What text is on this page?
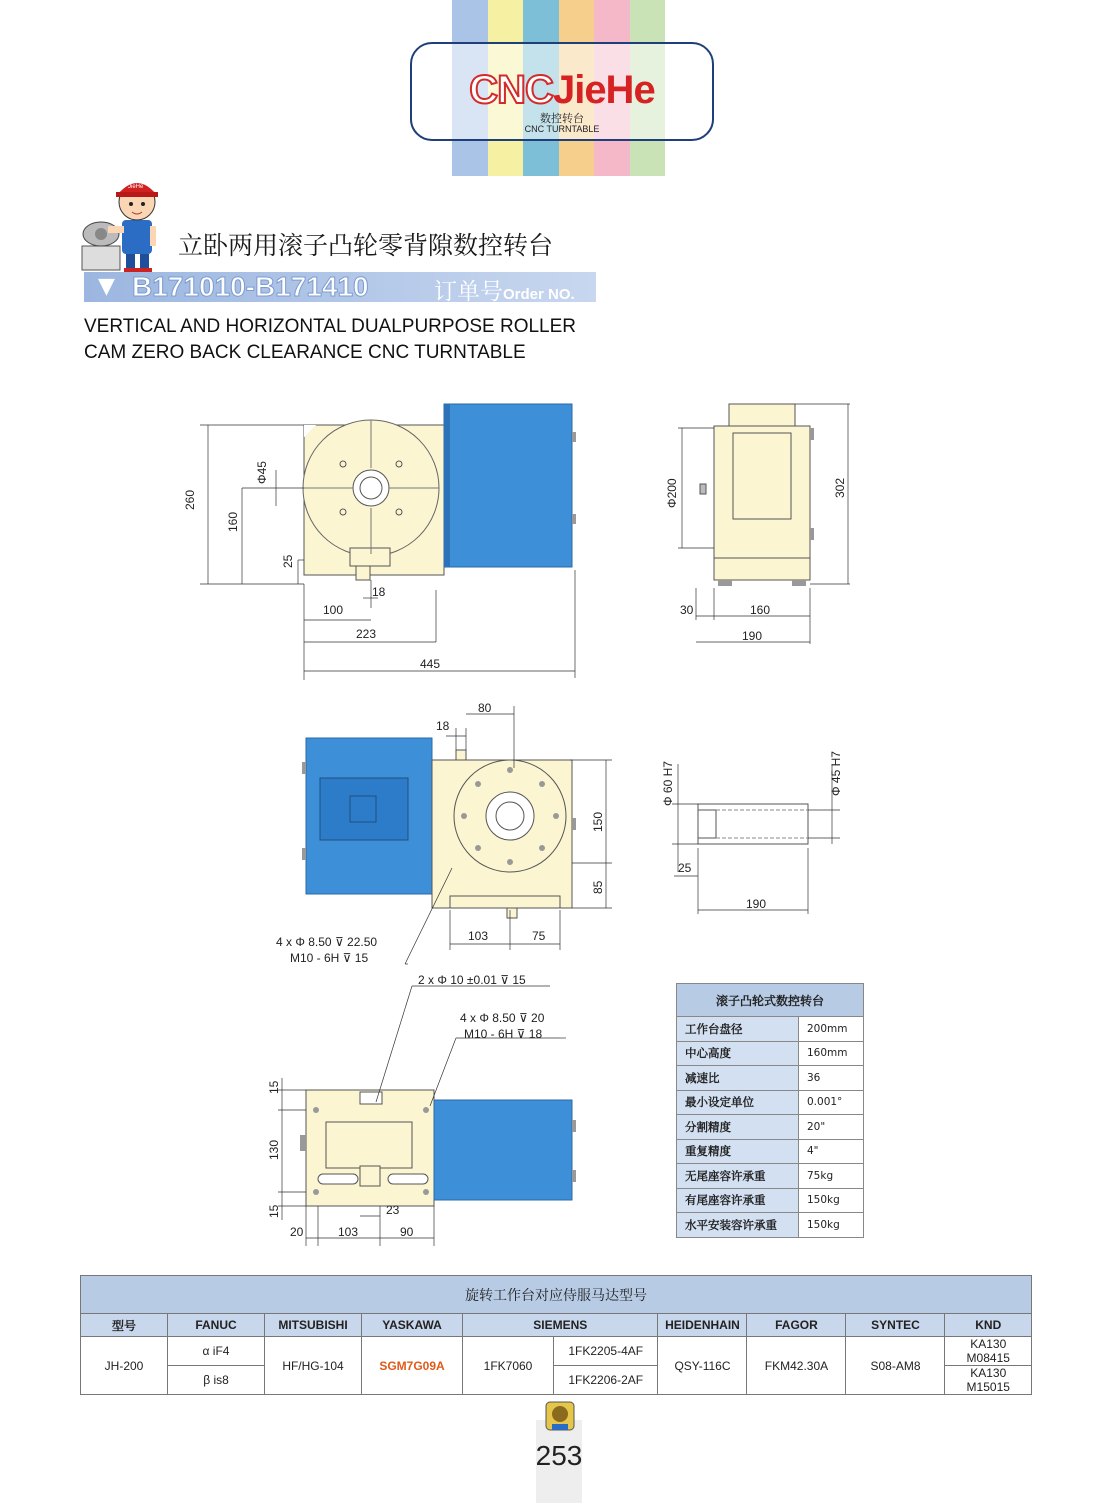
CNCJieHe
数控转台
CNC TURNTABLE
JieHe
立卧两用滚子凸轮零背隙数控转台
▼ B171010-B171410	订单号Order NO.
VERTICAL AND HORIZONTAL DUALPURPOSE ROLLER
CAM ZERO BACK CLEARANCE CNC TURNTABLE
260
160
25
Φ45
18
100
223
445
Φ200	302
30	160
190
18
80
150
85
103	75
4 x Φ 8.50 ⊽ 22.50
M10 - 6H ⊽ 15
Φ 60 H7	Φ 45 H7
25
190
2 x Φ 10 ±0.01 ⊽ 15
4 x Φ 8.50 ⊽ 20
M10 - 6H ⊽ 18
15
130
15
20	103	90
23
滚子凸轮式数控转台	
工作台盘径	200mm
中心高度	160mm
减速比	36
最小设定单位	0.001°
分割精度	20"
重复精度	4"
无尾座容许承重	75kg
有尾座容许承重	150kg
水平安装容许承重	150kg
旋转工作台对应侍服马达型号									
型号	FANUC	MITSUBISHI	YASKAWA	SIEMENS		HEIDENHAIN	FAGOR	SYNTEC	KND
JH-200	α iF4	HF/HG-104	SGM7G09A	1FK7060	1FK2205-4AF	QSY-116C	FKM42.30A	S08-AM8	KA130 M08415
	β is8				1FK2206-2AF				KA130 M15015
253
